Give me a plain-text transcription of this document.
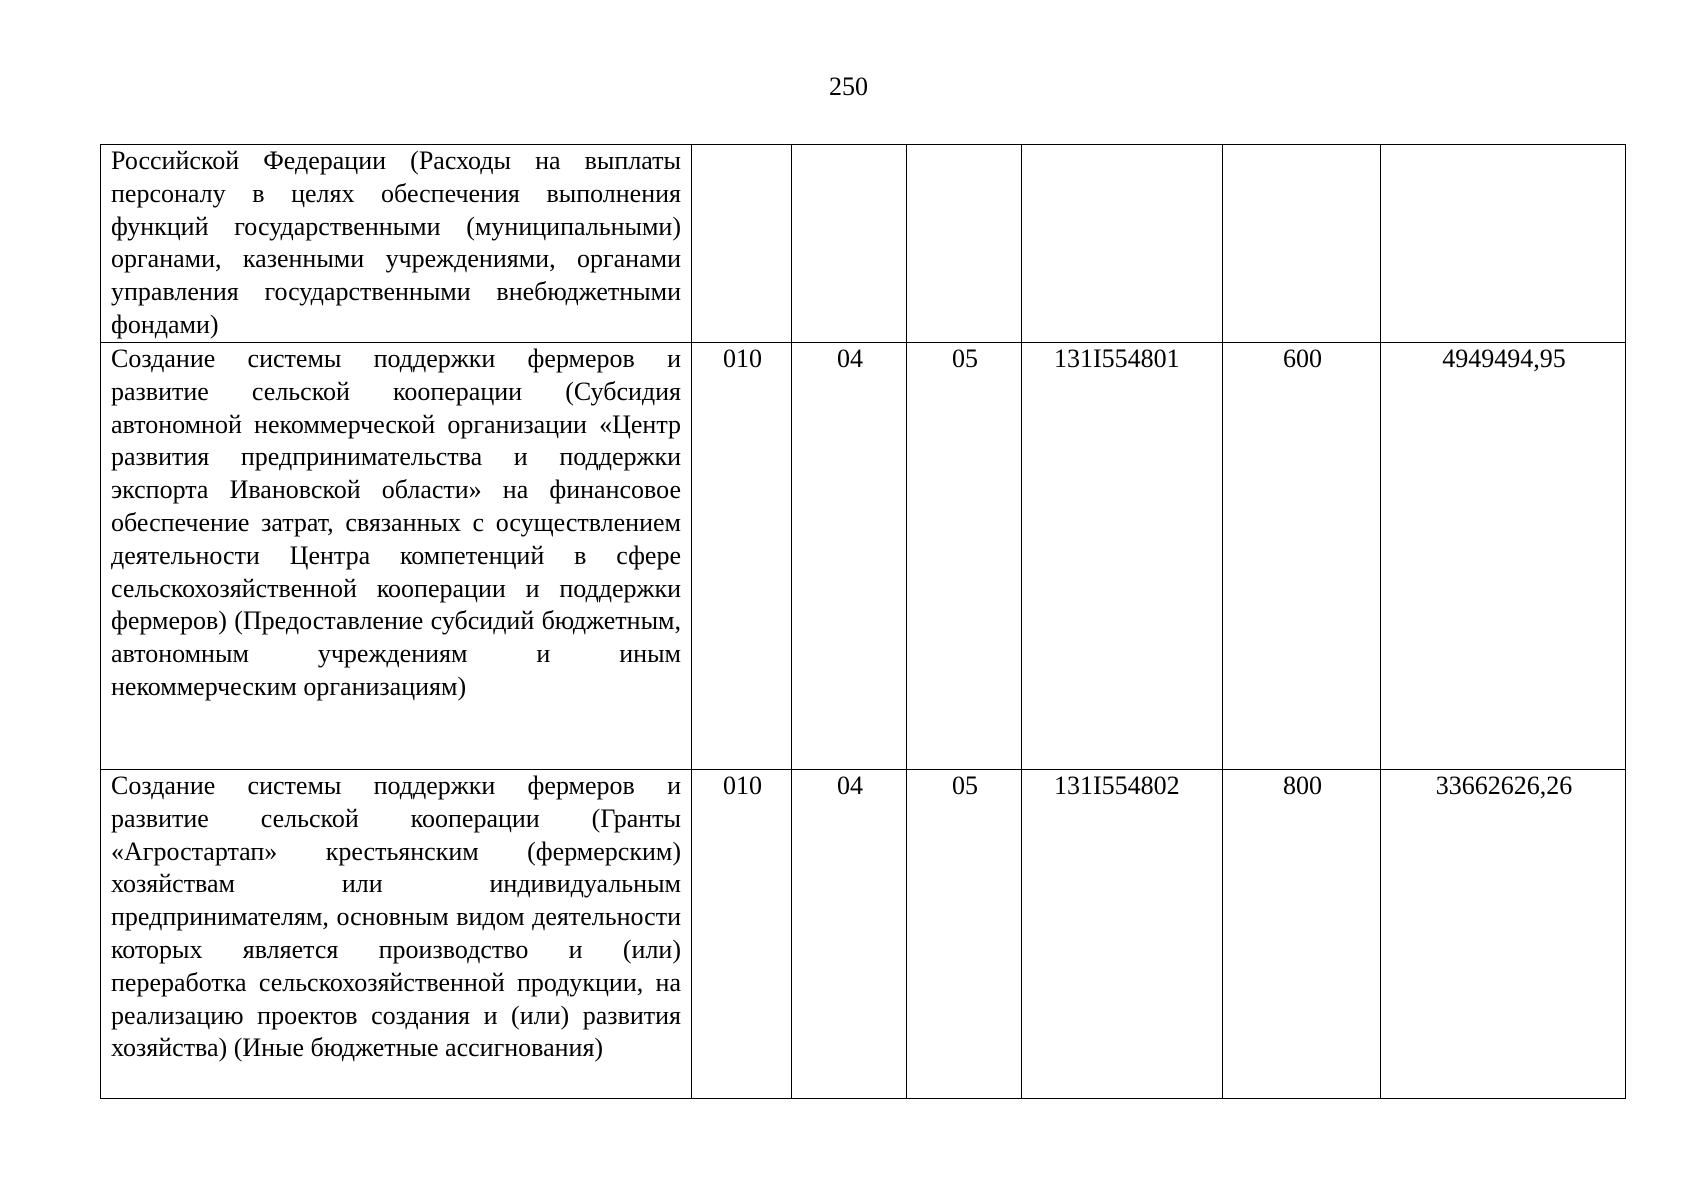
250
Российской Федерации (Расходы на выплаты персоналу в целях обеспечения выполнения функций государственными (муниципальными) органами, казенными учреждениями, органами управления государственными внебюджетными фондами)						
Создание системы поддержки фермеров и развитие сельской кооперации (Субсидия автономной некоммерческой организации «Центр развития предпринимательства и поддержки экспорта Ивановской области» на финансовое обеспечение затрат, связанных с осуществлением деятельности Центра компетенций в сфере сельскохозяйственной кооперации и поддержки фермеров) (Предоставление субсидий бюджетным, автономным учреждениям и иным некоммерческим организациям)	010	04	05	131I554801	600	4949494,95
Создание системы поддержки фермеров и развитие сельской кооперации (Гранты «Агростартап» крестьянским (фермерским) хозяйствам или индивидуальным предпринимателям, основным видом деятельности которых является производство и (или) переработка сельскохозяйственной продукции, на реализацию проектов создания и (или) развития хозяйства) (Иные бюджетные ассигнования)	010	04	05	131I554802	800	33662626,26
